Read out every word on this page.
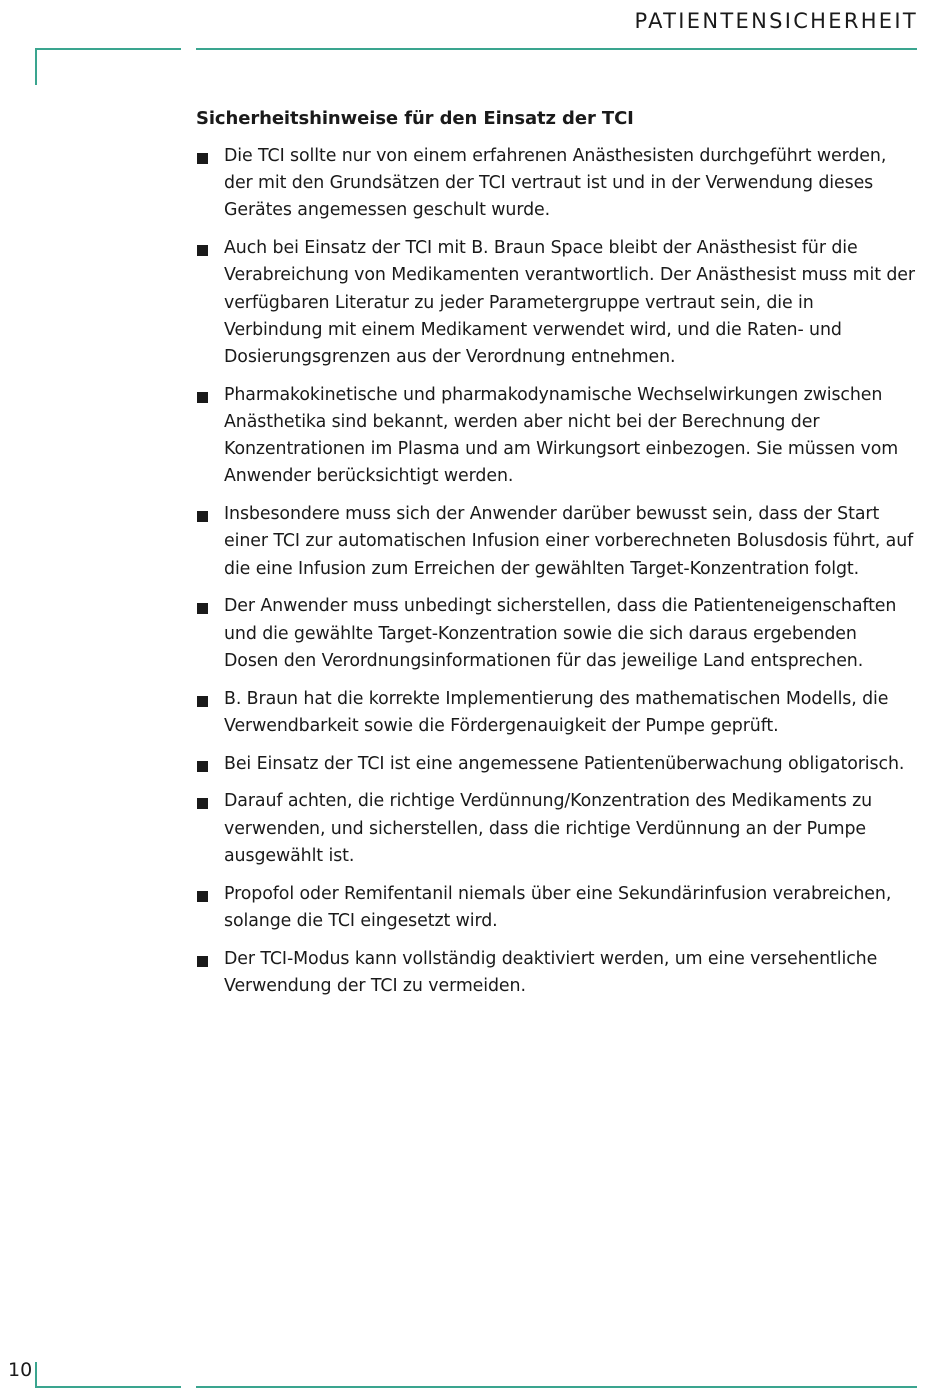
PATIENTENSICHERHEIT
Sicherheitshinweise für den Einsatz der TCI
Die TCI sollte nur von einem erfahrenen Anästhesisten durchgeführt werden, der mit den Grundsätzen der TCI vertraut ist und in der Verwendung dieses Gerätes angemessen geschult wurde.
Auch bei Einsatz der TCI mit B. Braun Space bleibt der Anästhesist für die Verabreichung von Medikamenten verantwortlich. Der Anästhesist muss mit der verfügbaren Literatur zu jeder Parametergruppe vertraut sein, die in Verbindung mit einem Medikament verwendet wird, und die Raten- und Dosierungsgrenzen aus der Verordnung entnehmen.
Pharmakokinetische und pharmakodynamische Wechselwirkungen zwischen Anästhetika sind bekannt, werden aber nicht bei der Berechnung der Konzentrationen im Plasma und am Wirkungsort einbezogen. Sie müssen vom Anwender berücksichtigt werden.
Insbesondere muss sich der Anwender darüber bewusst sein, dass der Start einer TCI zur automatischen Infusion einer vorberechneten Bolusdosis führt, auf die eine Infusion zum Erreichen der gewählten Target-Konzentration folgt.
Der Anwender muss unbedingt sicherstellen, dass die Patienteneigenschaften und die gewählte Target-Konzentration sowie die sich daraus ergebenden Dosen den Verordnungsinformationen für das jeweilige Land entsprechen.
B. Braun hat die korrekte Implementierung des mathematischen Modells, die Verwendbarkeit sowie die Fördergenauigkeit der Pumpe geprüft.
Bei Einsatz der TCI ist eine angemessene Patientenüberwachung obligatorisch.
Darauf achten, die richtige Verdünnung/Konzentration des Medikaments zu verwenden, und sicherstellen, dass die richtige Verdünnung an der Pumpe ausgewählt ist.
Propofol oder Remifentanil niemals über eine Sekundärinfusion verabreichen, solange die TCI eingesetzt wird.
Der TCI-Modus kann vollständig deaktiviert werden, um eine versehentliche Verwendung der TCI zu vermeiden.
10
